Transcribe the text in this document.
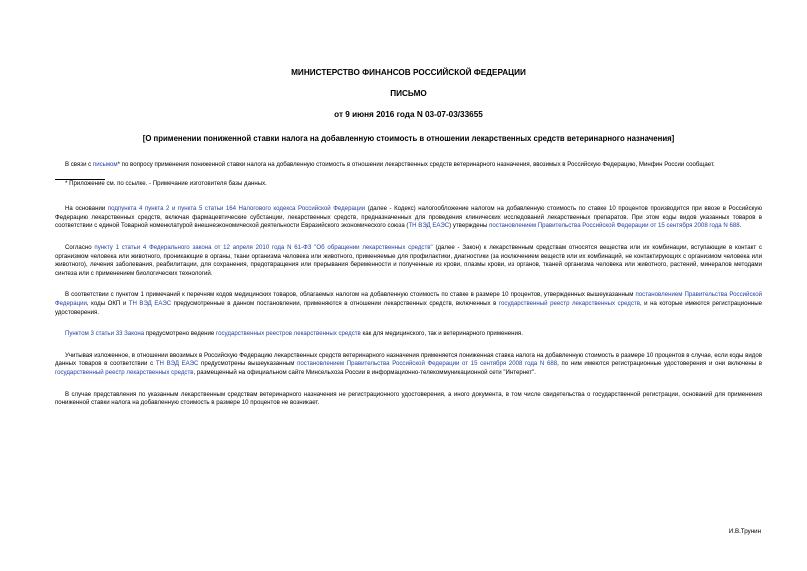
МИНИСТЕРСТВО ФИНАНСОВ РОССИЙСКОЙ ФЕДЕРАЦИИ
ПИСЬМО
от 9 июня 2016 года N 03-07-03/33655
[О применении пониженной ставки налога на добавленную стоимость в отношении лекарственных средств ветеринарного назначения]

В связи с письмом* по вопросу применения пониженной ставки налога на добавленную стоимость в отношении лекарственных средств ветеринарного назначения, ввозимых в Российскую Федерацию, Минфин России сообщает.

* Приложение см. по ссылке. - Примечание изготовителя базы данных.

На основании подпункта 4 пункта 2 и пункта 5 статьи 164 Налогового кодекса Российской Федерации (далее - Кодекс) налогообложение налогом на добавленную стоимость по ставке 10 процентов производится при ввозе в Российскую Федерацию лекарственных средств, включая фармацевтические субстанции, лекарственных средств, предназначенных для проведения клинических исследований лекарственных препаратов. При этом коды видов указанных товаров в соответствии с единой Товарной номенклатурой внешнеэкономической деятельности Евразийского экономического союза (ТН ВЭД ЕАЭС) утверждены постановлением Правительства Российской Федерации от 15 сентября 2008 года N 688.

Согласно пункту 1 статьи 4 Федерального закона от 12 апреля 2010 года N 61-ФЗ "Об обращении лекарственных средств" (далее - Закон) к лекарственным средствам относятся вещества или их комбинации, вступающие в контакт с организмом человека или животного, проникающие в органы, ткани организма человека или животного, применяемые для профилактики, диагностики (за исключением веществ или их комбинаций, не контактирующих с организмом человека или животного), лечения заболевания, реабилитации, для сохранения, предотвращения или прерывания беременности и полученные из крови, плазмы крови, из органов, тканей организма человека или животного, растений, минералов методами синтеза или с применением биологических технологий.

В соответствии с пунктом 1 примечаний к перечням кодов медицинских товаров, облагаемых налогом на добавленную стоимость по ставке в размере 10 процентов, утвержденных вышеуказанным постановлением Правительства Российской Федерации, коды ОКП и ТН ВЭД ЕАЭС предусмотренные в данном постановлении, применяются в отношении лекарственных средств, включенных в государственный реестр лекарственных средств, и на которые имеются регистрационные удостоверения.

Пунктом 3 статьи 33 Закона предусмотрено ведение государственных реестров лекарственных средств как для медицинского, так и ветеринарного применения.

Учитывая изложенное, в отношении ввозимых в Российскую Федерацию лекарственных средств ветеринарного назначения применяется пониженная ставка налога на добавленную стоимость в размере 10 процентов в случае, если коды видов данных товаров в соответствии с ТН ВЭД ЕАЭС предусмотрены вышеуказанным постановлением Правительства Российской Федерации от 15 сентября 2008 года N 688, по ним имеются регистрационные удостоверения и они включены в государственный реестр лекарственных средств, размещенный на официальном сайте Минсельхоза России в информационно-телекоммуникационной сети "Интернет".

В случае представления по указанным лекарственным средствам ветеринарного назначения не регистрационного удостоверения, а иного документа, в том числе свидетельства о государственной регистрации, оснований для применения пониженной ставки налога на добавленную стоимость в размере 10 процентов не возникает.

И.В.Трунин
